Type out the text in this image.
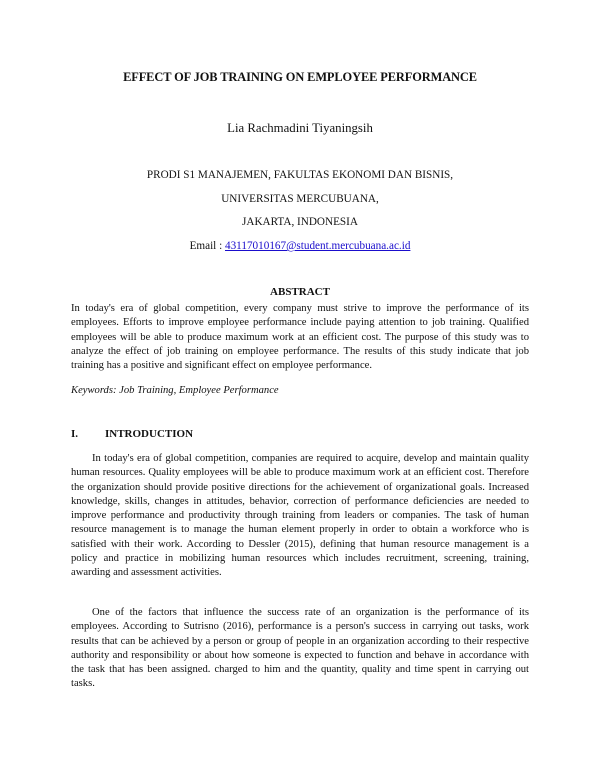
EFFECT OF JOB TRAINING ON EMPLOYEE PERFORMANCE
Lia Rachmadini Tiyaningsih
PRODI S1 MANAJEMEN, FAKULTAS EKONOMI DAN BISNIS,
UNIVERSITAS MERCUBUANA,
JAKARTA, INDONESIA
Email : 43117010167@student.mercubuana.ac.id
ABSTRACT

In today's era of global competition, every company must strive to improve the performance of its employees. Efforts to improve employee performance include paying attention to job training. Qualified employees will be able to produce maximum work at an efficient cost. The purpose of this study was to analyze the effect of job training on employee performance. The results of this study indicate that job training has a positive and significant effect on employee performance.

Keywords: Job Training, Employee Performance

I. INTRODUCTION

In today's era of global competition, companies are required to acquire, develop and maintain quality human resources. Quality employees will be able to produce maximum work at an efficient cost. Therefore the organization should provide positive directions for the achievement of organizational goals. Increased knowledge, skills, changes in attitudes, behavior, correction of performance deficiencies are needed to improve performance and productivity through training from leaders or companies. The task of human resource management is to manage the human element properly in order to obtain a workforce who is satisfied with their work. According to Dessler (2015), defining that human resource management is a policy and practice in mobilizing human resources which includes recruitment, screening, training, awarding and assessment activities.

One of the factors that influence the success rate of an organization is the performance of its employees. According to Sutrisno (2016), performance is a person's success in carrying out tasks, work results that can be achieved by a person or group of people in an organization according to their respective authority and responsibility or about how someone is expected to function and behave in accordance with the task that has been assigned. charged to him and the quantity, quality and time spent in carrying out tasks.
